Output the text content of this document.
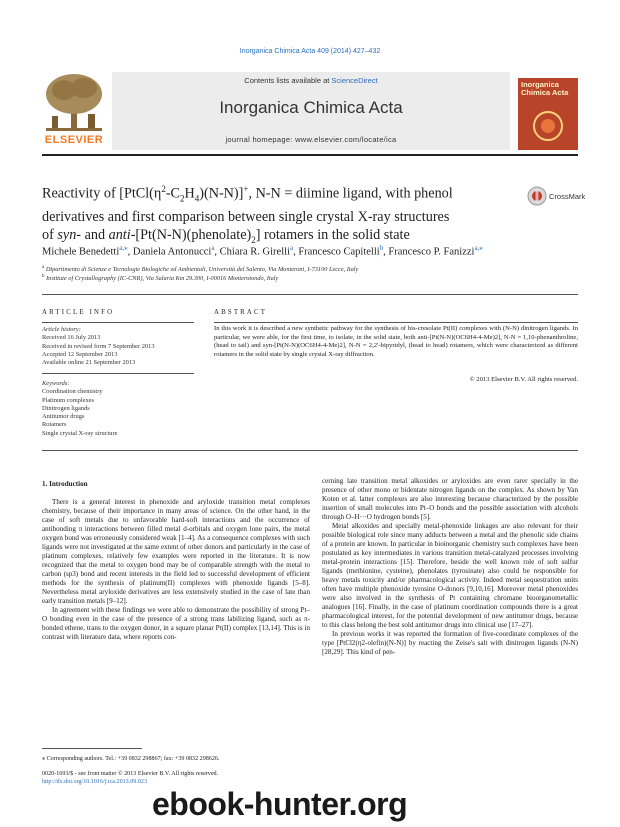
Inorganica Chimica Acta 409 (2014) 427–432
ELSEVIER
Contents lists available at ScienceDirect
Inorganica Chimica Acta
journal homepage: www.elsevier.com/locate/ica
Inorganica Chimica Acta
Reactivity of $[PtCl(\eta^2-C_2H_4)(N-N)]^+$, N-N = diimine ligand, with phenol
derivatives and first comparison between single crystal X-ray structures
of syn- and anti-$[Pt(N-N)(phenolate)_2]$ rotamers in the solid state
CrossMark
Michele Benedetti$^{a,⁎}$, Daniela Antonucci$^a$, Chiara R. Girelli$^a$, Francesco Capitelli$^b$, Francesco P. Fanizzi$^{a,⁎}$
$^a$ Dipartimento di Scienze e Tecnologie Biologiche ed Ambientali, Università del Salento, Via Monteroni, I-73100 Lecce, Italy
$^b$ Institute of Crystallography (IC-CNR), Via Salaria Km 29.300, I-00016 Monterotondo, Italy
ARTICLE INFO
Article history:
Received 16 July 2013
Received in revised form 7 September 2013
Accepted 12 September 2013
Available online 21 September 2013
Keywords:
Coordination chemistry
Platinum complexes
Dinitrogen ligands
Antitumor drugs
Rotamers
Single crystal X-ray structure
ABSTRACT
In this work it is described a new synthetic pathway for the synthesis of bis-cresolate Pt(II) complexes with (N-N) dinitrogen ligands. In particular, we were able, for the first time, to isolate, in the solid state, both anti-[Pt(N-N)(OC6H4-4-Me)2], N-N = 1,10-phenanthroline, (head to tail) and syn-[Pt(N-N)(OC6H4-4-Me)2], N-N = 2,2′-bipyridyl, (head to head) rotamers, which were characterized as different rotamers in the solid state by single crystal X-ray diffraction.
© 2013 Elsevier B.V. All rights reserved.
1. Introduction

There is a general interest in phenoxide and aryloxide transition metal complexes chemistry, because of their importance in many areas of science. On the other hand, in the case of soft metals due to unfavorable hard-soft interactions and the occurrence of antibonding π interactions between filled metal d-orbitals and oxygen lone pairs, the metal oxygen bond was erroneously considered weak [1–4]. As a consequence complexes with such ligands were not investigated at the same extent of other donors and particularly in the case of platinum complexes, relatively few examples were reported in the literature. It is now recognized that the metal to oxygen bond may be of comparable strength with the metal to carbon (sp3) bond and recent interests in the field led to successful development of efficient methods for the synthesis of platinum(II) complexes with phenoxide ligands [5–8]. Nevertheless metal aryloxide derivatives are less extensively studied in the case of late than early transition metals [9–12].

In agreement with these findings we were able to demonstrate the possibility of strong Pt–O bonding even in the case of the presence of a strong trans labilizing ligand, such as π-bonded ethene, trans to the oxygen donor, in a square planar Pt(II) complex [13,14]. This is in contrast with literature data, where reports con-

cerning late transition metal alkoxides or aryloxides are even rarer specially in the presence of other mono or bidentate nitrogen ligands on the complex. As shown by Van Koten et al. latter complexes are also interesting because characterized by the possible insertion of small molecules into Pt–O bonds and the possible association with alcohols through O–H···O hydrogen bonds [5].

Metal alkoxides and specially metal-phenoxide linkages are also relevant for their possible biological role since many adducts between a metal and the phenolic side chains of a protein are known. In particular in bioinorganic chemistry such complexes have been postulated as key intermediates in various transition metal-catalyzed processes involving metal-protein interactions [15]. Therefore, beside the well known role of soft sulfur ligands (methionine, cysteine), phenolates (tyrosinate) also could be responsible for heavy metals toxicity and/or pharmacological activity. Indeed metal sequestration units often have multiple phenoxide tyrosine O-donors [9,10,16]. Moreover metal phenoxides were also involved in the synthesis of Pt containing chromane bioorganometallic analogues [16]. Finally, in the case of platinum coordination compounds there is a great pharmacological interest, for the potential development of new antitumor drugs, because to this class belong the best sold antitumor drugs into clinical use [17–27].

In previous works it was reported the formation of five-coordinate complexes of the type [PtCl2(η2-olefin)(N-N)] by reacting the Zeise's salt with dinitrogen ligands (N-N) [28,29]. This kind of pen-

⁎ Corresponding authors. Tel.: +39 0832 298867; fax: +39 0832 298626.
0020-1693/$ - see front matter © 2013 Elsevier B.V. All rights reserved.
http://dx.doi.org/10.1016/j.ica.2013.09.023
ebook-hunter.org
